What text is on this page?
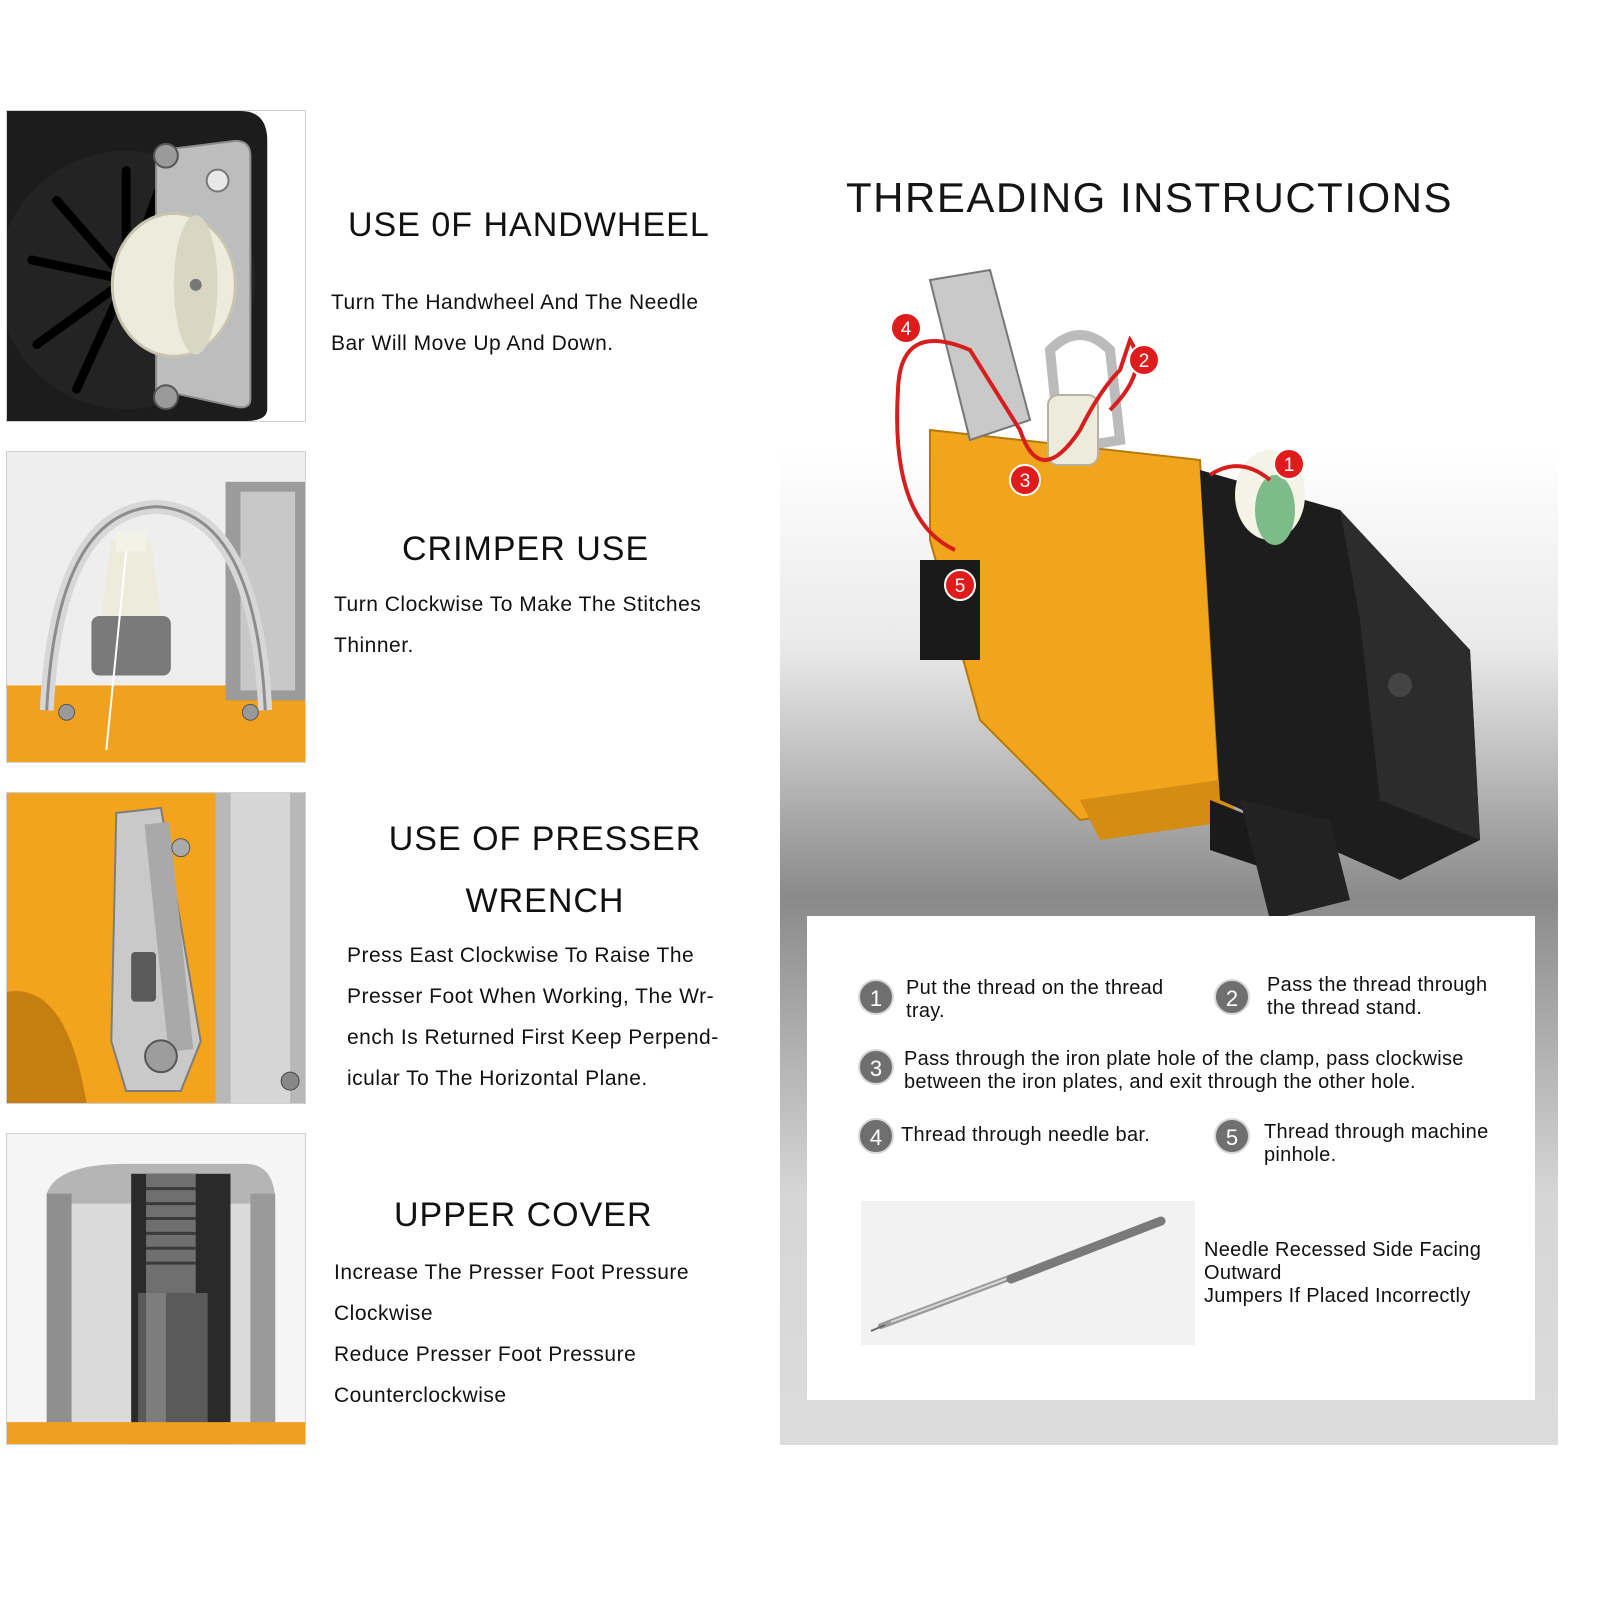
USE 0F HANDWHEEL
Turn The Handwheel And The Needle
Bar Will Move Up And Down.
CRIMPER USE
Turn Clockwise To Make The Stitches
Thinner.
USE OF PRESSER
WRENCH
Press East Clockwise To Raise The
Presser Foot When Working, The Wr-
ench Is Returned First Keep Perpend-
icular To The Horizontal Plane.
UPPER COVER
Increase The Presser Foot Pressure
Clockwise
Reduce Presser Foot Pressure
Counterclockwise
THREADING INSTRUCTIONS
1
2
3
4
5
1	Put the thread on the thread
tray.	2
Pass the thread through
the thread stand.
3	Pass through the iron plate hole of the clamp, pass clockwise
between the iron plates, and exit through the other hole.
4 Thread through needle bar.	5	Thread through machine
pinhole.
Needle Recessed Side Facing
Outward
Jumpers If Placed Incorrectly
